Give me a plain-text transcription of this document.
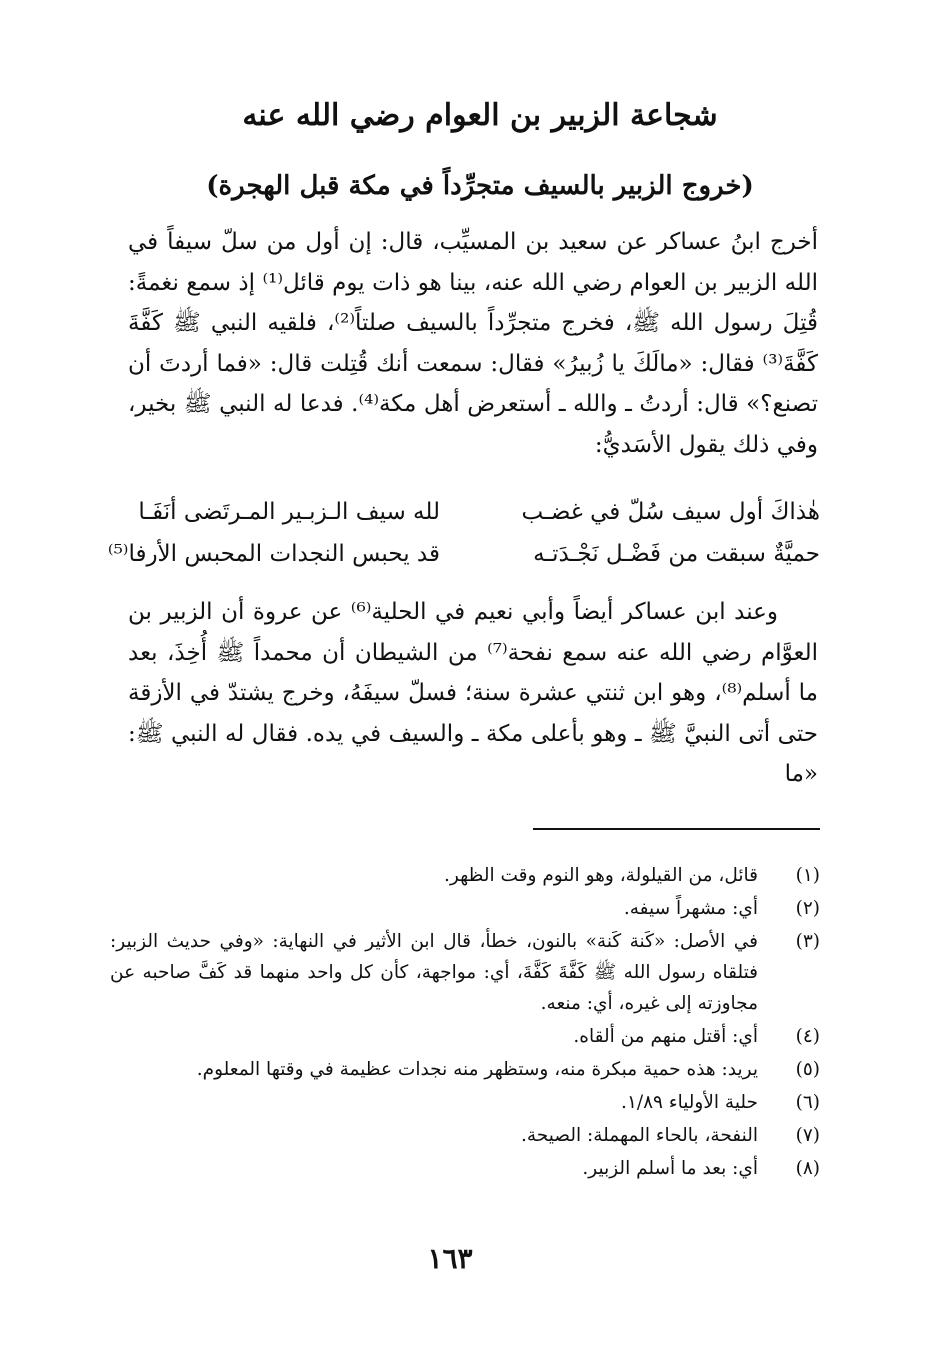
شجاعة الزبير بن العوام رضي الله عنه
(خروج الزبير بالسيف متجرِّداً في مكة قبل الهجرة)
أخرج ابنُ عساكر عن سعيد بن المسيِّب، قال: إن أول من سلّ سيفاً في الله الزبير بن العوام رضي الله عنه، بينا هو ذات يوم قائل⁽¹⁾ إذ سمع نغمةً: قُتِلَ رسول الله ﷺ، فخرج متجرِّداً بالسيف صلتاً⁽²⁾، فلقيه النبي ﷺ كَفَّةَ كَفَّةَ⁽³⁾ فقال: «مالَكَ يا زُبيرُ» فقال: سمعت أنك قُتِلت قال: «فما أردتَ أن تصنع؟» قال: أردتُ ـ والله ـ أستعرض أهل مكة⁽⁴⁾. فدعا له النبي ﷺ بخير، وفي ذلك يقول الأسَديُّ:
هٰذاكَ أول سيف سُلّ في غضـب
لله سيف الـزبـير المـرتَضى أنَفَـا
حميَّةٌ سبقت من فَضْـل نَجْـدَتـه
قد يحبس النجدات المحبس الأرفا⁽⁵⁾
وعند ابن عساكر أيضاً وأبي نعيم في الحلية⁽⁶⁾ عن عروة أن الزبير بن العوَّام رضي الله عنه سمع نفحة⁽⁷⁾ من الشيطان أن محمداً ﷺ أُخِذَ، بعد ما أسلم⁽⁸⁾، وهو ابن ثنتي عشرة سنة؛ فسلّ سيفَهُ، وخرج يشتدّ في الأزقة حتى أتى النبيَّ ﷺ ـ وهو بأعلى مكة ـ والسيف في يده. فقال له النبي ﷺ: «ما
(١)
قائل، من القيلولة، وهو النوم وقت الظهر.
(٢)
أي: مشهراً سيفه.
(٣)
في الأصل: «كَنة كَنة» بالنون، خطأ، قال ابن الأثير في النهاية: «وفي حديث الزبير: فتلقاه رسول الله ﷺ كَفَّةَ كَفَّةَ، أي: مواجهة، كأن كل واحد منهما قد كَفَّ صاحبه عن مجاوزته إلى غيره، أي: منعه.
(٤)
أي: أقتل منهم من ألقاه.
(٥)
يريد: هذه حمية مبكرة منه، وستظهر منه نجدات عظيمة في وقتها المعلوم.
(٦)
حلية الأولياء ١/٨٩.
(٧)
النفحة، بالحاء المهملة: الصيحة.
(٨)
أي: بعد ما أسلم الزبير.
١٦٣
